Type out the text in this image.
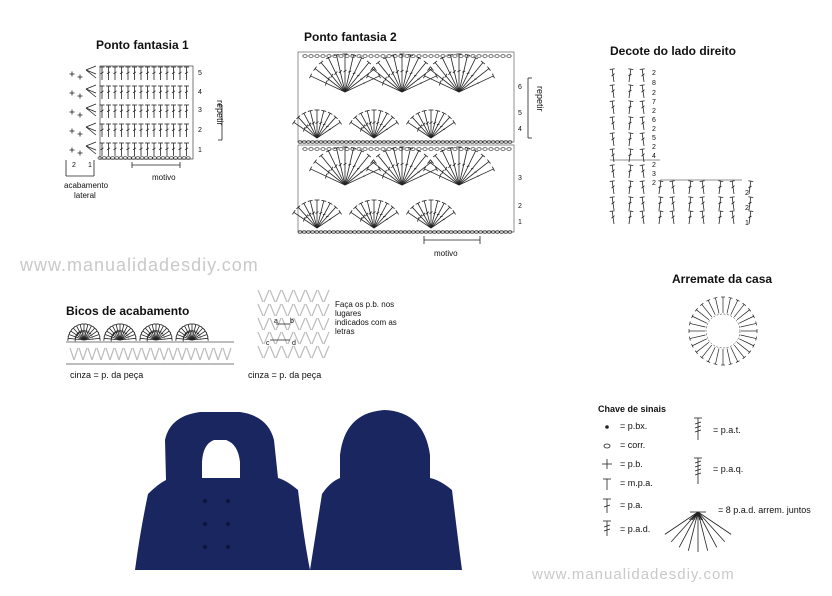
Ponto fantasia 1
5
4
3
2
1
repetir
2 1
acabamento
lateral
motivo
Ponto fantasia 2
6
5
4
repetir
3
2
1
motivo
Decote do lado direito
2
8
2
7
2
6
2
5
2
4
2
3
2
2
2
1
www.manualidadesdiy.com
www.manualidadesdiy.com
Bicos de acabamento
cinza = p. da peça	cinza = p. da peça
Faça os p.b. nos lugares indicados com as letras
a b
c	d
Arremate da casa
Chave de sinais
= p.bx.
= corr.
= p.b.
= m.p.a.
= p.a.
= p.a.d.
= p.a.t.
= p.a.q.
= 8 p.a.d. arrem. juntos
